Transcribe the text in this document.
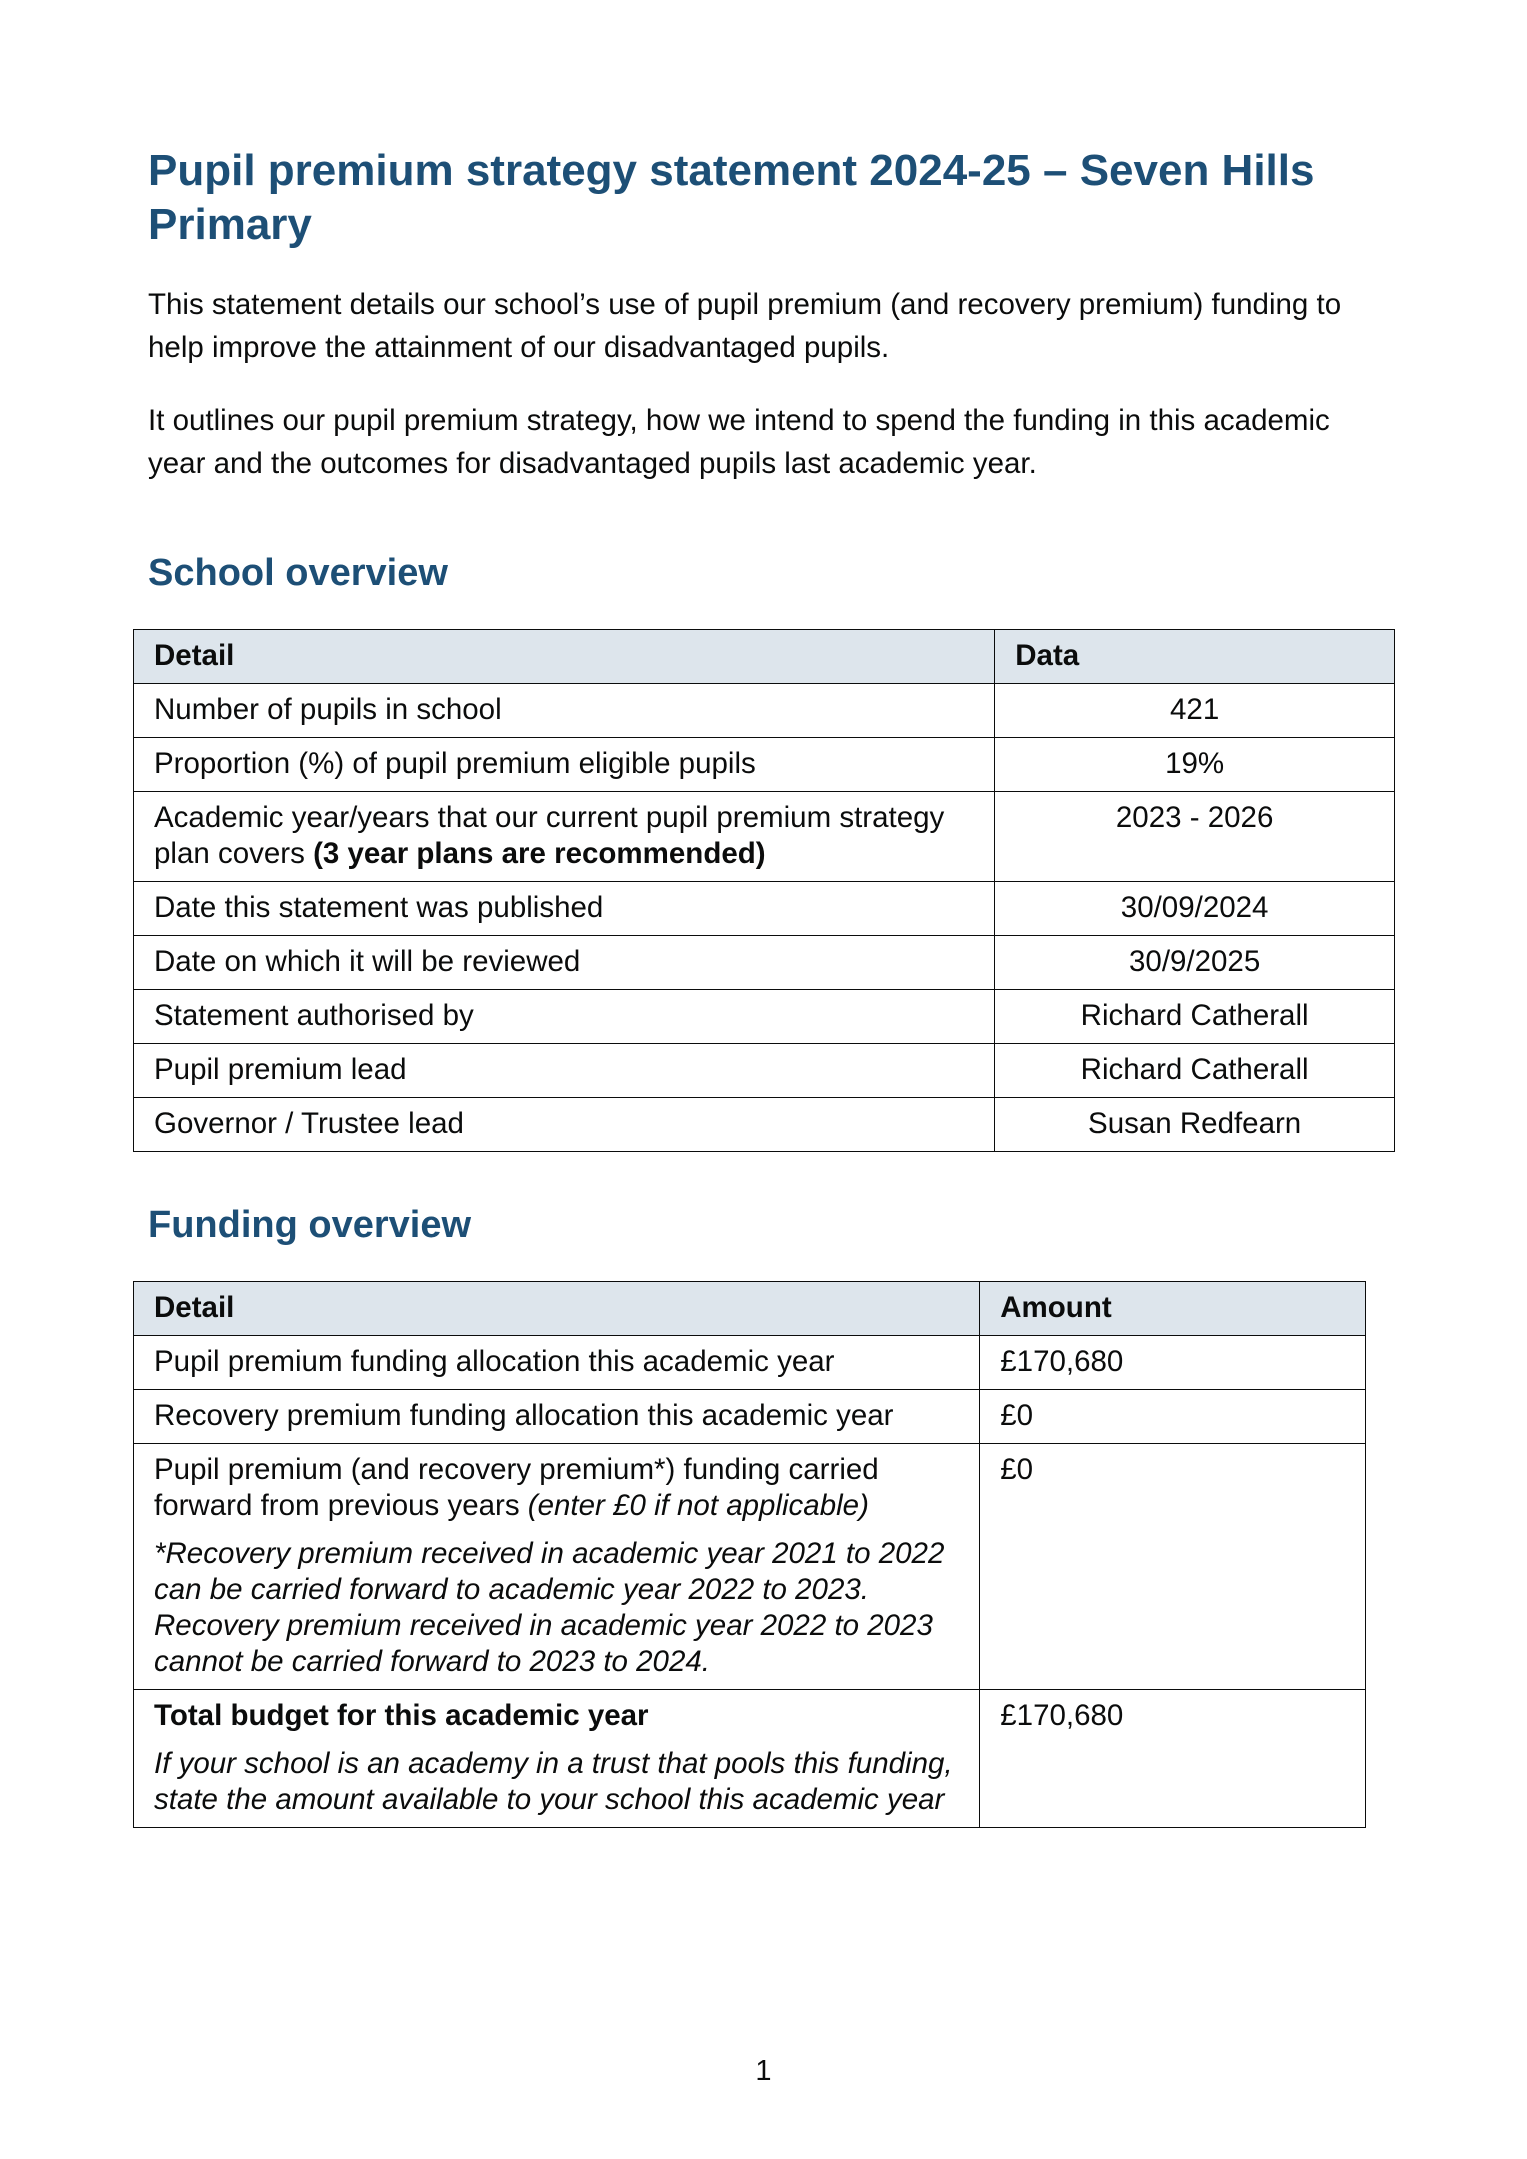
Pupil premium strategy statement 2024-25 – Seven Hills Primary

This statement details our school’s use of pupil premium (and recovery premium) funding to help improve the attainment of our disadvantaged pupils.

It outlines our pupil premium strategy, how we intend to spend the funding in this academic year and the outcomes for disadvantaged pupils last academic year.

School overview
Detail	Data
Number of pupils in school	421
Proportion (%) of pupil premium eligible pupils	19%
Academic year/years that our current pupil premium strategy plan covers (3 year plans are recommended)	2023 - 2026
Date this statement was published	30/09/2024
Date on which it will be reviewed	30/9/2025
Statement authorised by	Richard Catherall
Pupil premium lead	Richard Catherall
Governor / Trustee lead	Susan Redfearn
Funding overview
Detail	Amount
Pupil premium funding allocation this academic year	£170,680
Recovery premium funding allocation this academic year	£0
Pupil premium (and recovery premium*) funding carried forward from previous years (enter £0 if not applicable)
*Recovery premium received in academic year 2021 to 2022 can be carried forward to academic year 2022 to 2023. Recovery premium received in academic year 2022 to 2023 cannot be carried forward to 2023 to 2024.	£0
Total budget for this academic year
If your school is an academy in a trust that pools this funding, state the amount available to your school this academic year	£170,680
1
